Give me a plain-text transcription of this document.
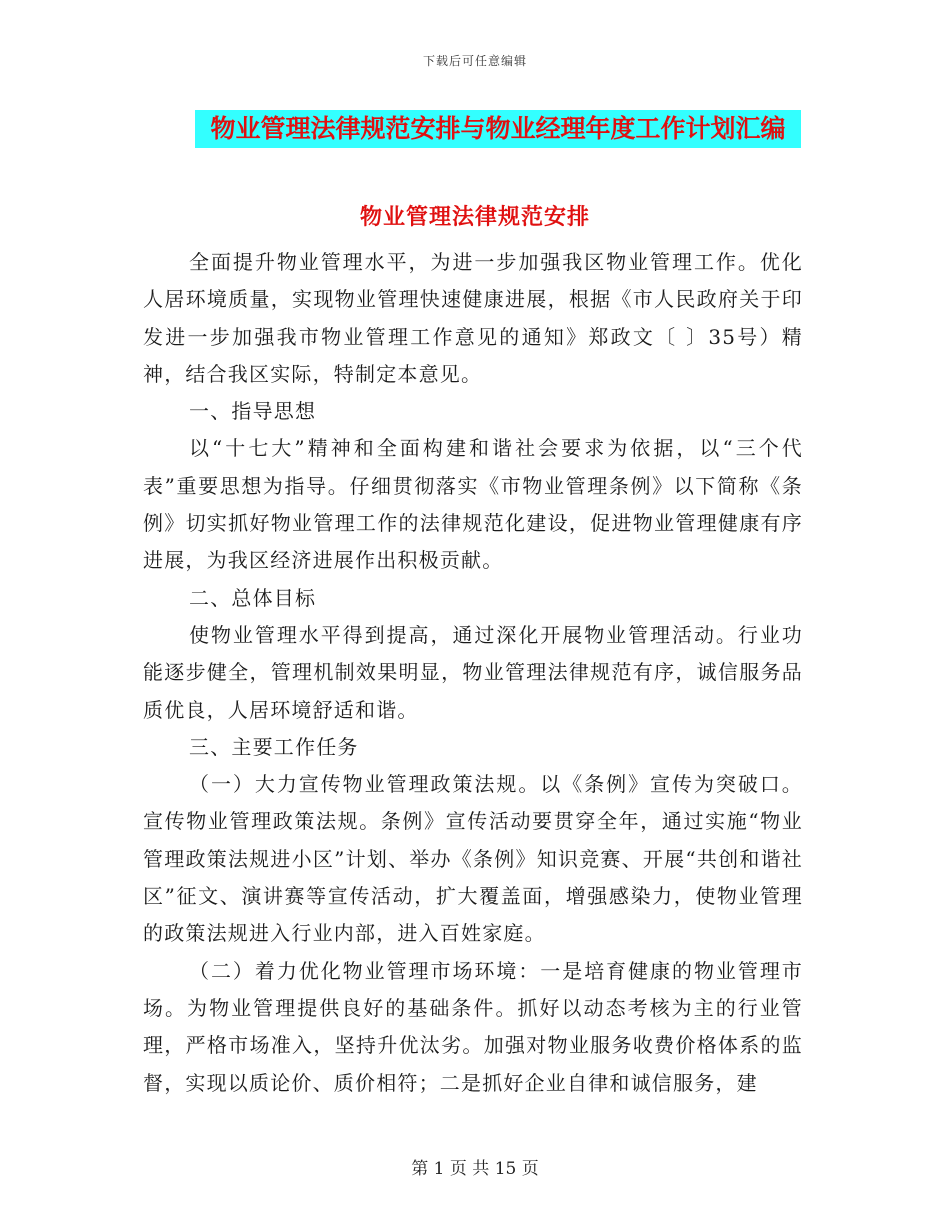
下载后可任意编辑
物业管理法律规范安排与物业经理年度工作计划汇编
物业管理法律规范安排

全面提升物业管理水平，为进一步加强我区物业管理工作。优化人居环境质量，实现物业管理快速健康进展，根据《市人民政府关于印发进一步加强我市物业管理工作意见的通知》郑政文〔 〕35号）精神，结合我区实际，特制定本意见。

一、指导思想

以“十七大”精神和全面构建和谐社会要求为依据，以“三个代表”重要思想为指导。仔细贯彻落实《市物业管理条例》以下简称《条例》切实抓好物业管理工作的法律规范化建设，促进物业管理健康有序进展，为我区经济进展作出积极贡献。

二、总体目标

使物业管理水平得到提高，通过深化开展物业管理活动。行业功能逐步健全，管理机制效果明显，物业管理法律规范有序，诚信服务品质优良，人居环境舒适和谐。

三、主要工作任务

（一）大力宣传物业管理政策法规。以《条例》宣传为突破口。宣传物业管理政策法规。条例》宣传活动要贯穿全年，通过实施“物业管理政策法规进小区”计划、举办《条例》知识竞赛、开展“共创和谐社区”征文、演讲赛等宣传活动，扩大覆盖面，增强感染力，使物业管理的政策法规进入行业内部，进入百姓家庭。

（二）着力优化物业管理市场环境：一是培育健康的物业管理市场。为物业管理提供良好的基础条件。抓好以动态考核为主的行业管理，严格市场准入，坚持升优汰劣。加强对物业服务收费价格体系的监督，实现以质论价、质价相符；二是抓好企业自律和诚信服务，建

第 1 页 共 15 页
